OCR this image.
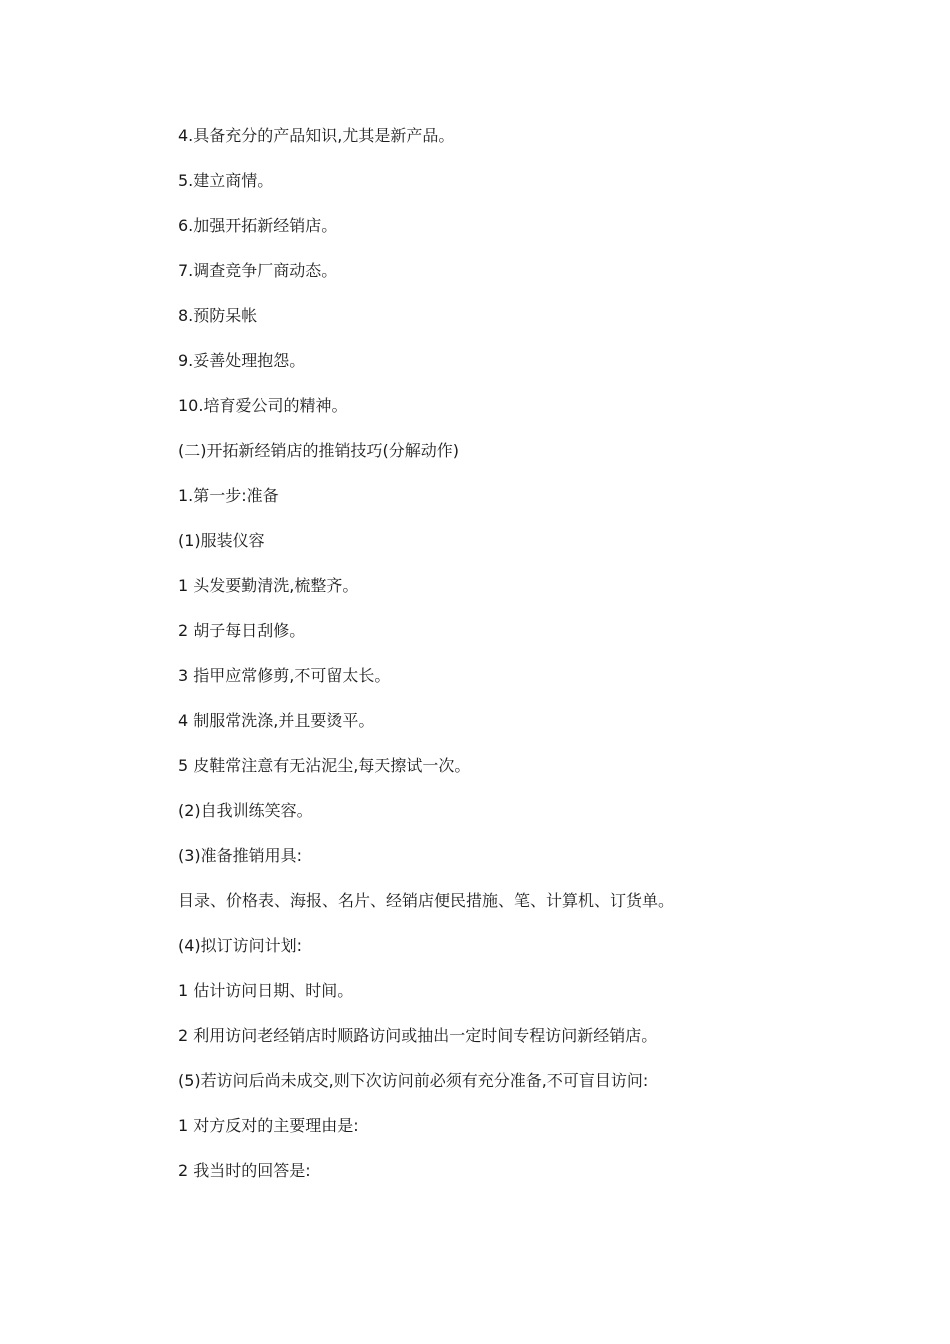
4.具备充分的产品知识,尤其是新产品。
5.建立商情。
6.加强开拓新经销店。
7.调查竞争厂商动态。
8.预防呆帐
9.妥善处理抱怨。
10.培育爱公司的精神。
(二)开拓新经销店的推销技巧(分解动作)
1.第一步:准备
(1)服装仪容
1 头发要勤清洗,梳整齐。
2 胡子每日刮修。
3 指甲应常修剪,不可留太长。
4 制服常洗涤,并且要烫平。
5 皮鞋常注意有无沾泥尘,每天擦试一次。
(2)自我训练笑容。
(3)准备推销用具:
目录、价格表、海报、名片、经销店便民措施、笔、计算机、订货单。
(4)拟订访问计划:
1 估计访问日期、时间。
2 利用访问老经销店时顺路访问或抽出一定时间专程访问新经销店。
(5)若访问后尚未成交,则下次访问前必须有充分准备,不可盲目访问:
1 对方反对的主要理由是:
2 我当时的回答是:
